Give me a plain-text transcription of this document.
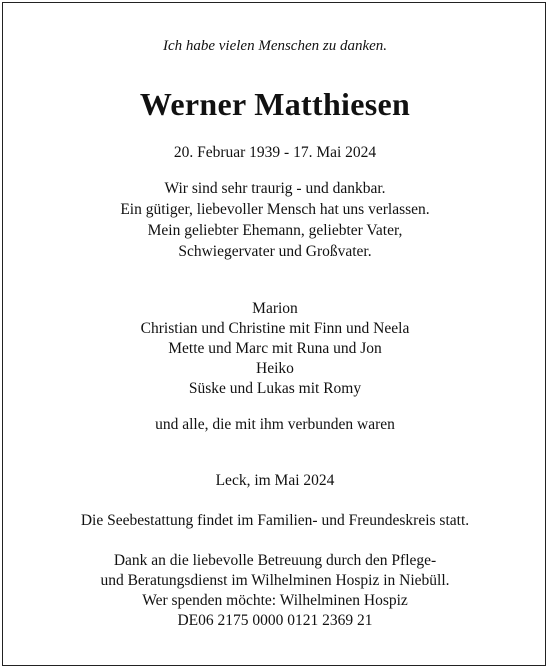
Ich habe vielen Menschen zu danken.
Werner Matthiesen
20. Februar 1939 - 17. Mai 2024
Wir sind sehr traurig - und dankbar.
Ein gütiger, liebevoller Mensch hat uns verlassen.
Mein geliebter Ehemann, geliebter Vater,
Schwiegervater und Großvater.
Marion
Christian und Christine mit Finn und Neela
Mette und Marc mit Runa und Jon
Heiko
Süske und Lukas mit Romy
und alle, die mit ihm verbunden waren
Leck, im Mai 2024
Die Seebestattung findet im Familien- und Freundeskreis statt.
Dank an die liebevolle Betreuung durch den Pflege-
und Beratungsdienst im Wilhelminen Hospiz in Niebüll.
Wer spenden möchte: Wilhelminen Hospiz
DE06 2175 0000 0121 2369 21
